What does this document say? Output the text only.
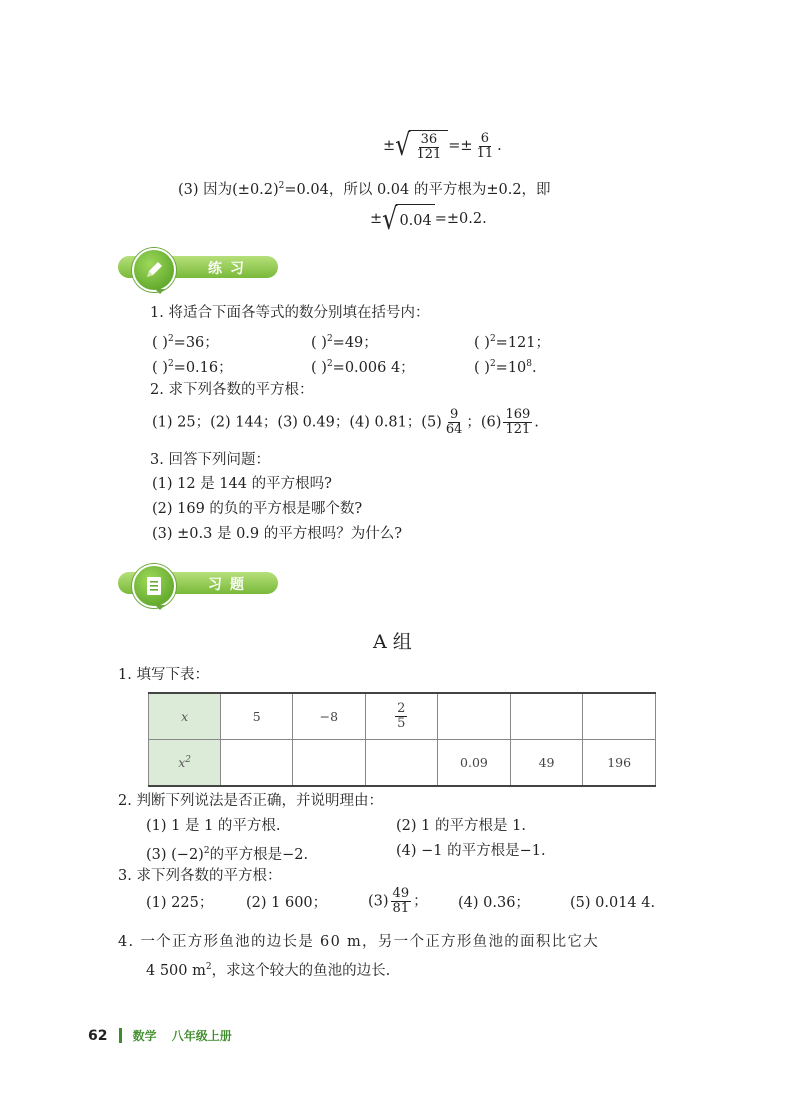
± √ $\frac{36}{121} =\pm \frac{6}{11}$ .
(3) 因为$(\pm 0.2)^2=0.04$，所以 0.04 的平方根为±0.2，即
± √ 0.04 =±0.2.
练习
1. 将适合下面各等式的数分别填在括号内：
( )$^2$=36；	( )$^2$=49；	( )$^2$=121；
( )$^2$=0.16；	( )$^2$=0.006 4；	( )$^2=10^8$.
2. 求下列各数的平方根：
(1) 25；(2) 144；(3) 0.49；(4) 0.81；$(5) \frac{9}{64}$ ；$(6) \frac{169}{121}$ .
3. 回答下列问题：
(1) 12 是 144 的平方根吗?
(2) 169 的负的平方根是哪个数?
(3) ±0.3 是 0.9 的平方根吗？为什么?
习题
A 组
1. 填写下表：
x	5	−8	$\frac{2}{5}$

$x^2$				0.09	49	196
2. 判断下列说法是否正确，并说明理由：
(1) 1 是 1 的平方根.	(2) 1 的平方根是 1.
(3) $(-2)^2$的平方根是−2.	(4) −1 的平方根是−1.
3. 求下列各数的平方根：
(1) 225； (2) 1 600；	$(3) \frac{49}{81}$ ； (4) 0.36；	(5) 0.014 4.
4. 一个正方形鱼池的边长是 60 m，另一个正方形鱼池的面积比它大
4 500 $m^2$，求这个较大的鱼池的边长.
62 数学 八年级上册
